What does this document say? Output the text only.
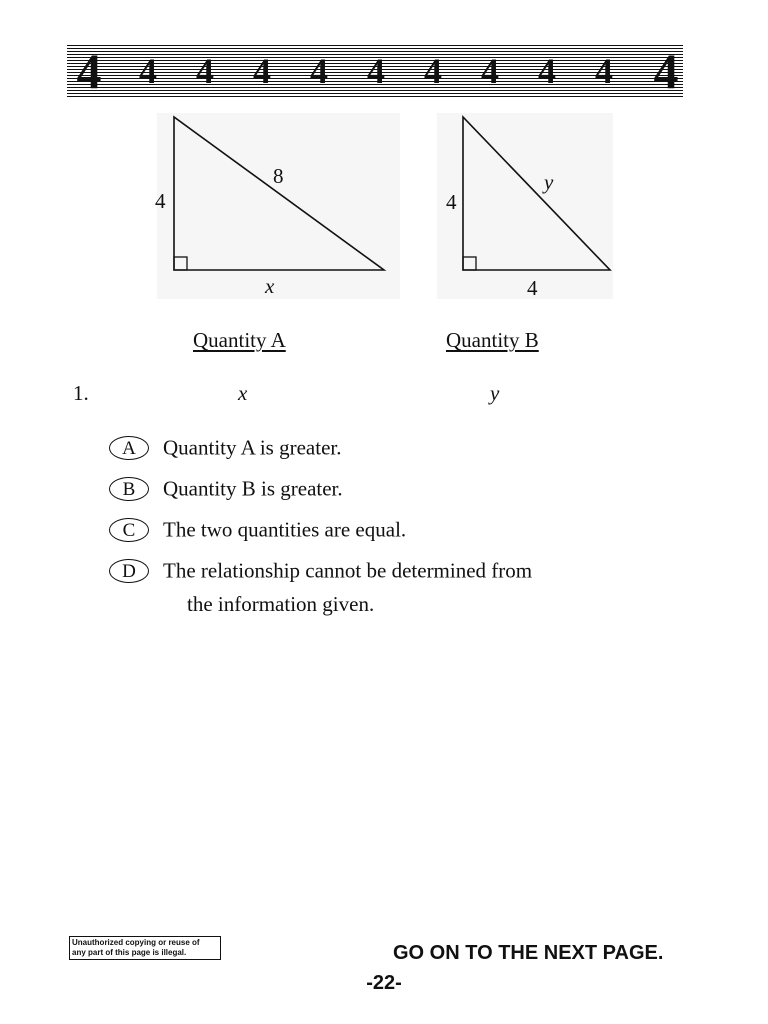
4 4 4 4 4 4 4 4 4 4 4
4
8
x
4
y
4
Quantity A	Quantity B
1.	x	y
A Quantity A is greater.
B Quantity B is greater.
C The two quantities are equal.
D The relationship cannot be determined from
the information given.
Unauthorized copying or reuse of
any part of this page is illegal.	GO ON TO THE NEXT PAGE.
-22-
